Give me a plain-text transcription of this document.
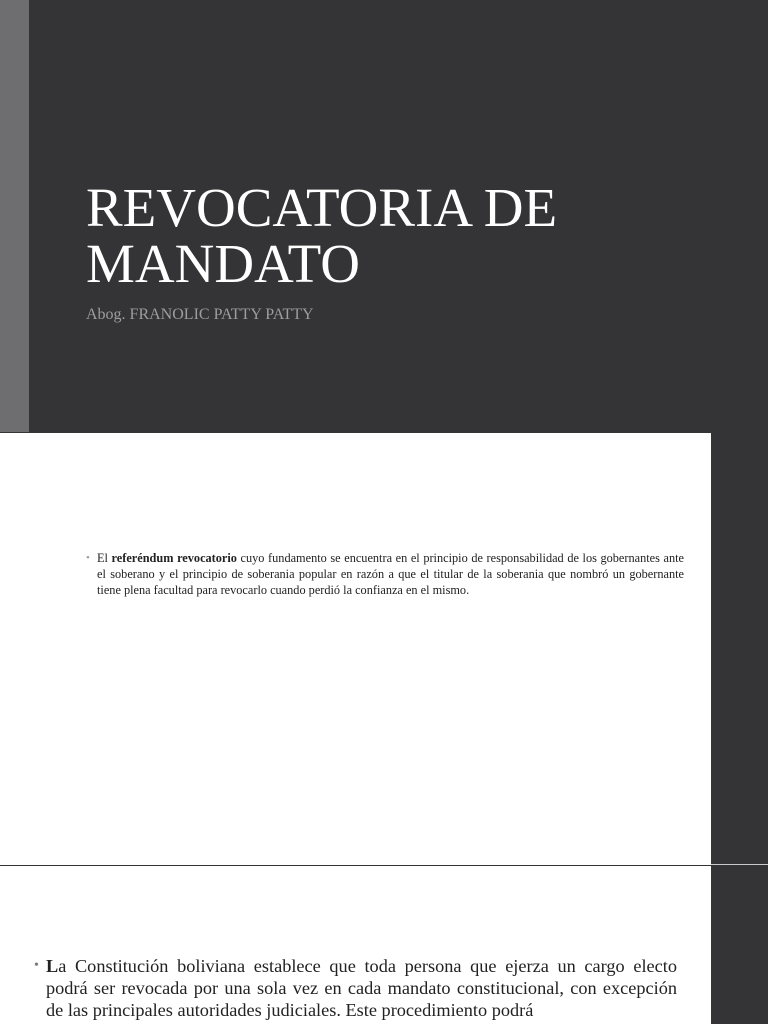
REVOCATORIA DE MANDATO

Abog. FRANOLIC PATTY PATTY

• El referéndum revocatorio cuyo fundamento se encuentra en el principio de responsabilidad de los gobernantes ante el soberano y el principio de soberania popular en razón a que el titular de la soberania que nombró un gobernante tiene plena facultad para revocarlo cuando perdió la confianza en el mismo.

• La Constitución boliviana establece que toda persona que ejerza un cargo electo podrá ser revocada por una sola vez en cada mandato constitucional, con excepción de las principales autoridades judiciales. Este procedimiento podrá
